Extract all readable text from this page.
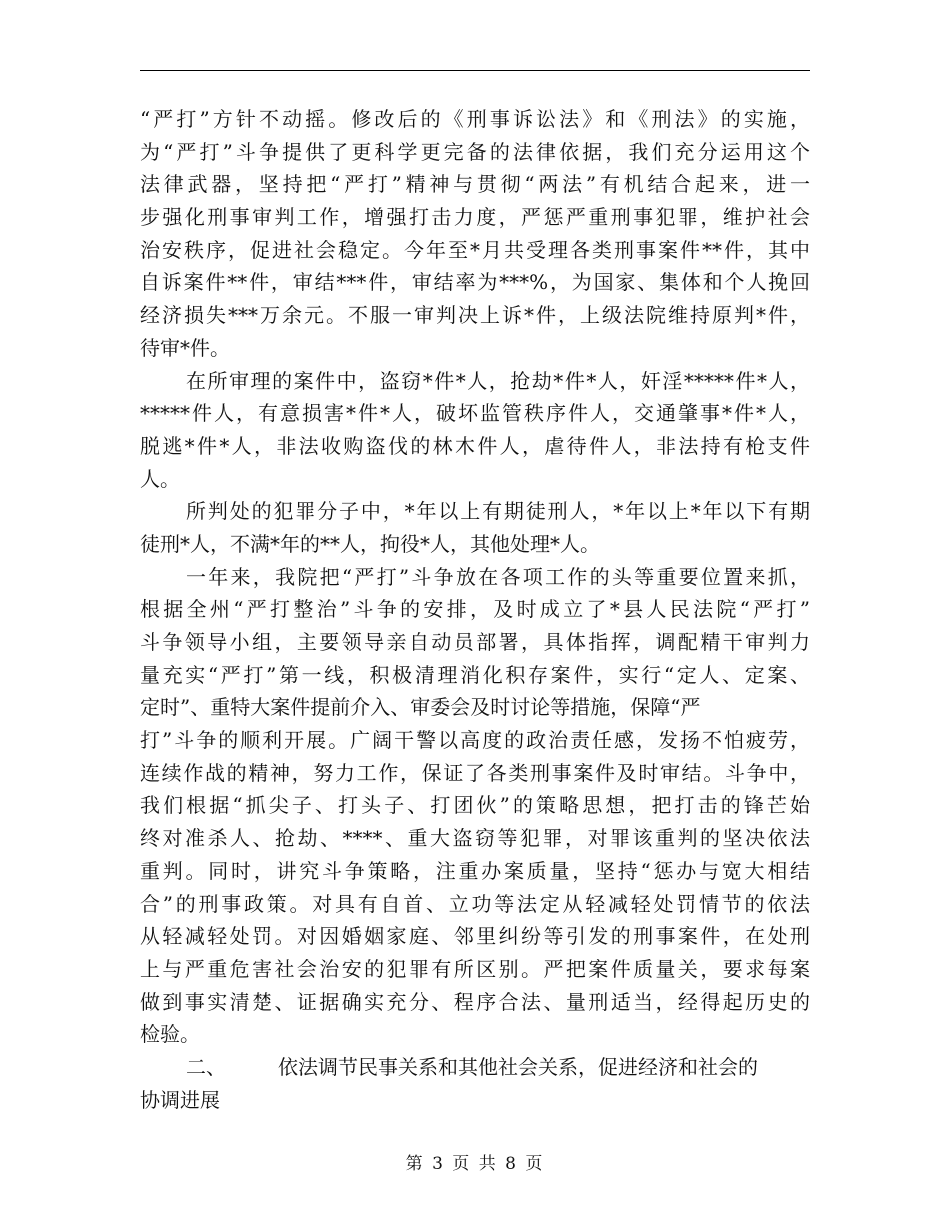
“严打”方针不动摇。修改后的《刑事诉讼法》和《刑法》的实施，
为“严打”斗争提供了更科学更完备的法律依据，我们充分运用这个
法律武器，坚持把“严打”精神与贯彻“两法”有机结合起来，进一
步强化刑事审判工作，增强打击力度，严惩严重刑事犯罪，维护社会
治安秩序，促进社会稳定。今年至*月共受理各类刑事案件**件，其中
自诉案件**件，审结***件，审结率为***%，为国家、集体和个人挽回
经济损失***万余元。不服一审判决上诉*件，上级法院维持原判*件，
待审*件。
在所审理的案件中，盗窃*件*人，抢劫*件*人，奸淫*****件*人，
*****件人，有意损害*件*人，破坏监管秩序件人，交通肇事*件*人，
脱逃*件*人，非法收购盗伐的林木件人，虐待件人，非法持有枪支件
人。
所判处的犯罪分子中，*年以上有期徒刑人，*年以上*年以下有期
徒刑*人，不满*年的**人，拘役*人，其他处理*人。
一年来，我院把“严打”斗争放在各项工作的头等重要位置来抓，
根据全州“严打整治”斗争的安排，及时成立了*县人民法院“严打”
斗争领导小组，主要领导亲自动员部署，具体指挥，调配精干审判力
量充实“严打”第一线，积极清理消化积存案件，实行“定人、定案、
定时”、重特大案件提前介入、审委会及时讨论等措施，保障“严
打”斗争的顺利开展。广阔干警以高度的政治责任感，发扬不怕疲劳，
连续作战的精神，努力工作，保证了各类刑事案件及时审结。斗争中，
我们根据“抓尖子、打头子、打团伙”的策略思想，把打击的锋芒始
终对准杀人、抢劫、****、重大盗窃等犯罪，对罪该重判的坚决依法
重判。同时，讲究斗争策略，注重办案质量，坚持“惩办与宽大相结
合”的刑事政策。对具有自首、立功等法定从轻减轻处罚情节的依法
从轻减轻处罚。对因婚姻家庭、邻里纠纷等引发的刑事案件，在处刑
上与严重危害社会治安的犯罪有所区别。严把案件质量关，要求每案
做到事实清楚、证据确实充分、程序合法、量刑适当，经得起历史的
检验。
二、	依法调节民事关系和其他社会关系，促进经济和社会的
协调进展
第 3 页 共 8 页
